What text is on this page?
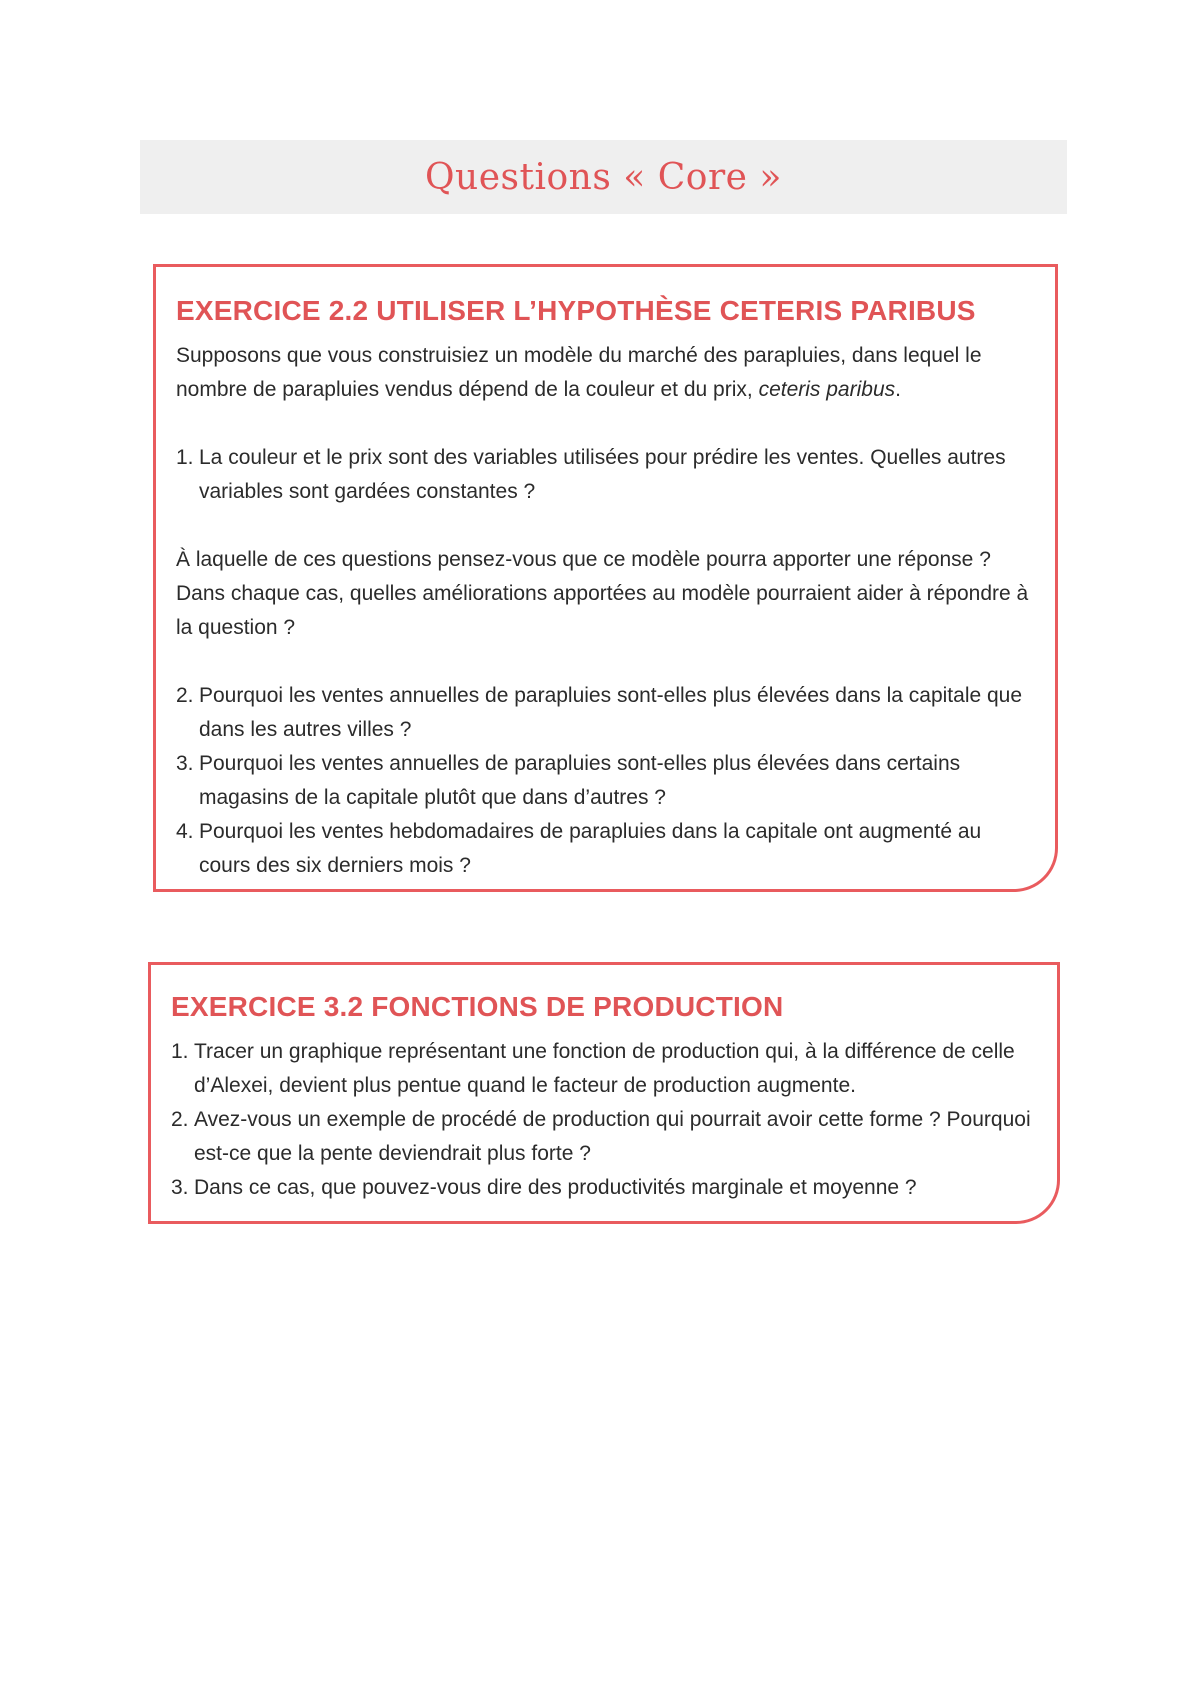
Questions « Core »
EXERCICE 2.2 UTILISER L’HYPOTHÈSE CETERIS PARIBUS

Supposons que vous construisiez un modèle du marché des parapluies, dans lequel le nombre de parapluies vendus dépend de la couleur et du prix, ceteris paribus.

1. La couleur et le prix sont des variables utilisées pour prédire les ventes. Quelles autres variables sont gardées constantes ?

À laquelle de ces questions pensez-vous que ce modèle pourra apporter une réponse ? Dans chaque cas, quelles améliorations apportées au modèle pourraient aider à répondre à la question ?

2. Pourquoi les ventes annuelles de parapluies sont-elles plus élevées dans la capitale que dans les autres villes ?
3. Pourquoi les ventes annuelles de parapluies sont-elles plus élevées dans certains magasins de la capitale plutôt que dans d’autres ?
4. Pourquoi les ventes hebdomadaires de parapluies dans la capitale ont augmenté au cours des six derniers mois ?
EXERCICE 3.2 FONCTIONS DE PRODUCTION
1. Tracer un graphique représentant une fonction de production qui, à la différence de celle d’Alexei, devient plus pentue quand le facteur de production augmente.
2. Avez-vous un exemple de procédé de production qui pourrait avoir cette forme ? Pourquoi est-ce que la pente deviendrait plus forte ?
3. Dans ce cas, que pouvez-vous dire des productivités marginale et moyenne ?
